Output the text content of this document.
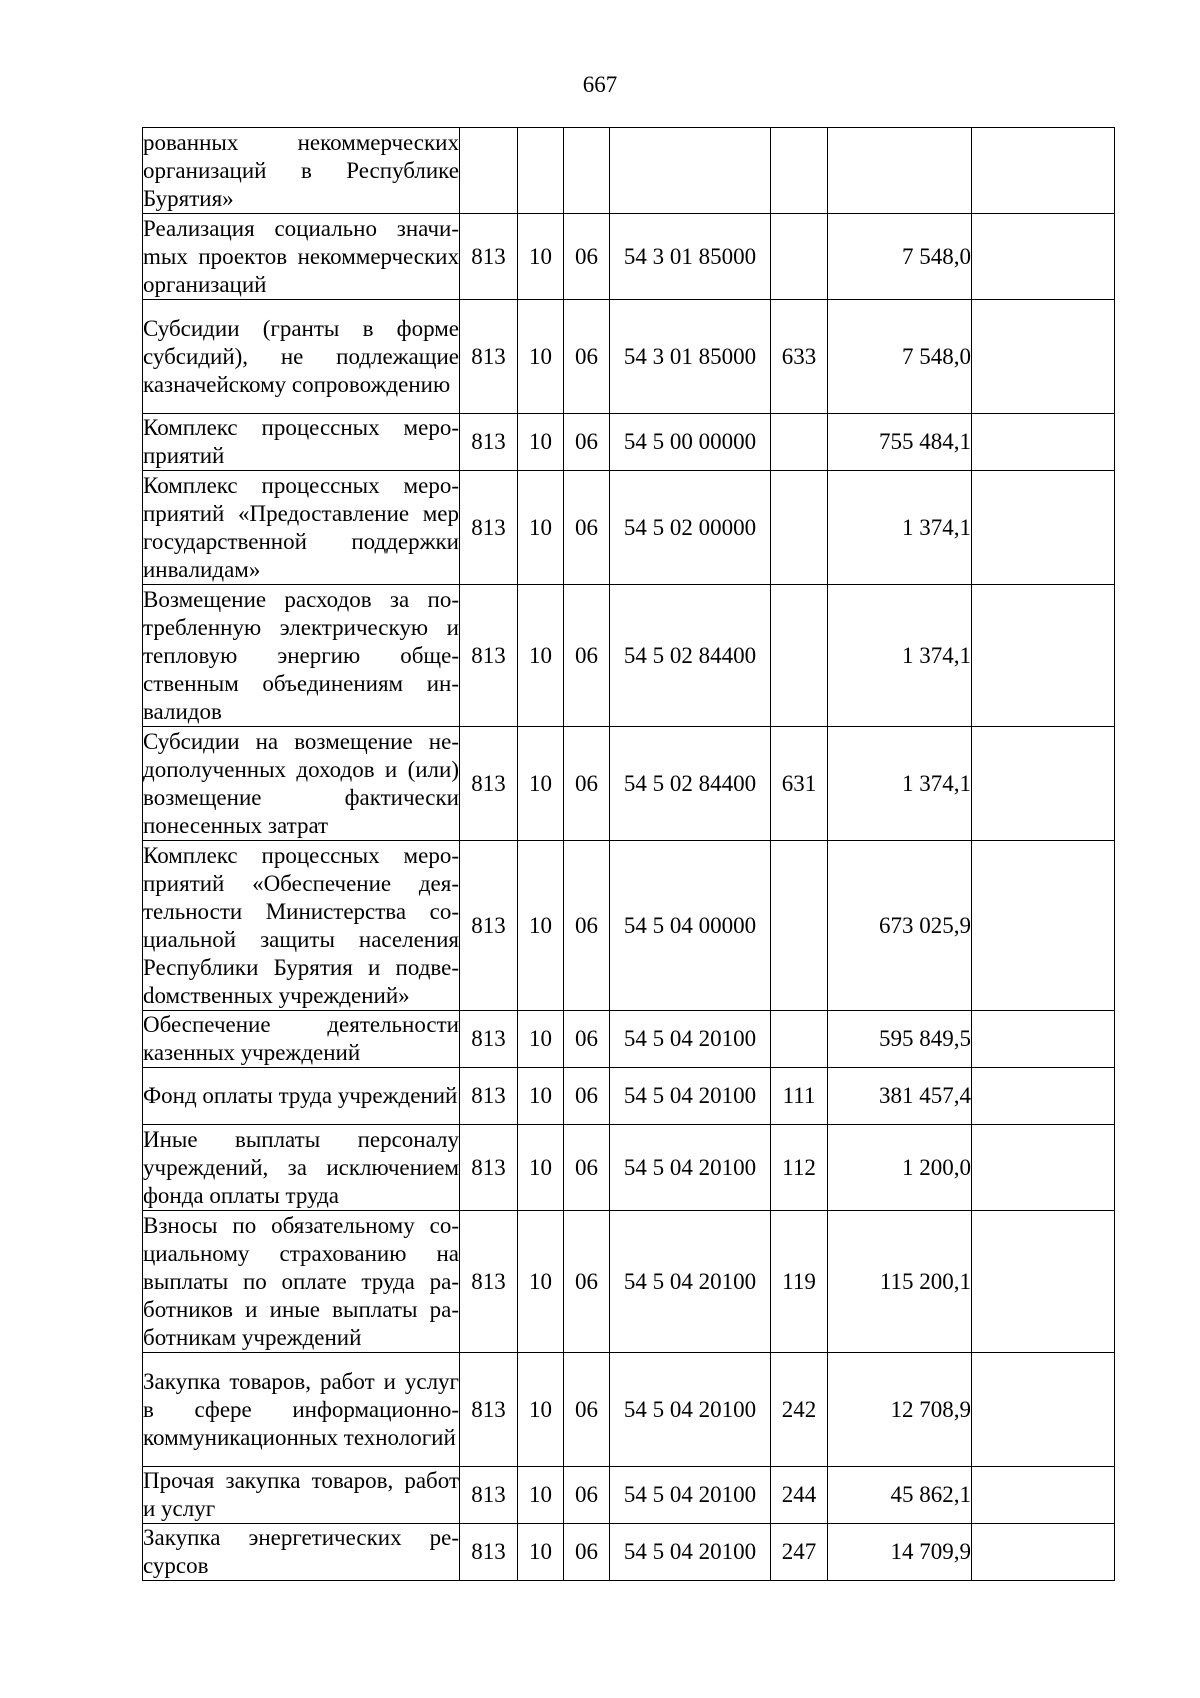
667
рованных некоммерческих организаций в Республике Бурятия»							
Реализация социально значиmых проектов некоммерческих организаций	813	10	06	54 3 01 85000		7 548,0	
Субсидии (гранты в форме субсидий), не подлежащие казначейскому сопровождению	813	10	06	54 3 01 85000	633	7 548,0	
Комплекс процессных мероприятий	813	10	06	54 5 00 00000		755 484,1	
Комплекс процессных мероприятий «Предоставление мер государственной поддержки инвалидам»	813	10	06	54 5 02 00000		1 374,1	
Возмещение расходов за потребленную электрическую и тепловую энергию общественным объединениям инвалидов	813	10	06	54 5 02 84400		1 374,1	
Субсидии на возмещение недополученных доходов и (или) возмещение фактически понесенных затрат	813	10	06	54 5 02 84400	631	1 374,1	
Комплекс процессных мероприятий «Обеспечение деятельности Министерства социальной защиты населения Республики Бурятия и подвеdомственных учреждений»	813	10	06	54 5 04 00000		673 025,9	
Обеспечение деятельности казенных учреждений	813	10	06	54 5 04 20100		595 849,5	
Фонд оплаты труда учреждений	813	10	06	54 5 04 20100	111	381 457,4	
Иные выплаты персоналу учреждений, за исключением фонда оплаты труда	813	10	06	54 5 04 20100	112	1 200,0	
Взносы по обязательному социальному страхованию на выплаты по оплате труда работников и иные выплаты работникам учреждений	813	10	06	54 5 04 20100	119	115 200,1	
Закупка товаров, работ и услуг в сфере информационно-коммуникационных технологий	813	10	06	54 5 04 20100	242	12 708,9	
Прочая закупка товаров, работ и услуг	813	10	06	54 5 04 20100	244	45 862,1	
Закупка энергетических ресурсов	813	10	06	54 5 04 20100	247	14 709,9	
